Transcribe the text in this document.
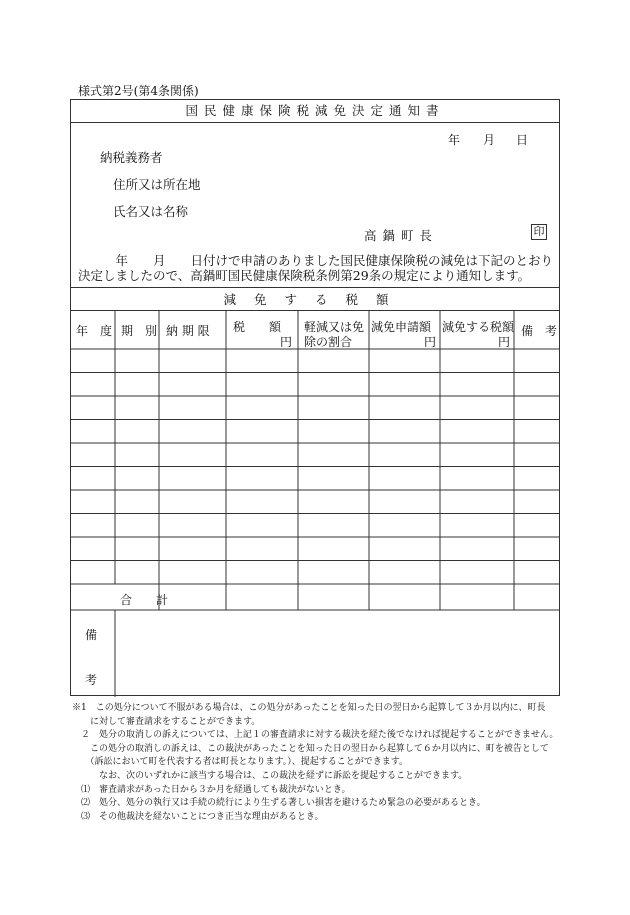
様式第2号(第4条関係)
国民健康保険税減免決定通知書
年 月 日
納税義務者
住所又は所在地
氏名又は名称
高 鍋 町 長	印
　　　年　　月　　日付けで申請のありました国民健康保険税の減免は下記のとおり
決定しましたので、高鍋町国民健康保険税条例第29条の規定により通知します。
減免する税額
年　度 期　別 納 期 限 税　　額
円
軽減又は免
除の割合
減免申請額
円
減免する税額
円
備　考
合　　計
備
考
※1　この処分について不服がある場合は、この処分があったことを知った日の翌日から起算して３か月以内に、町長
　　に対して審査請求をすることができます。
　２　処分の取消しの訴えについては、上記１の審査請求に対する裁決を経た後でなければ提起することができません。
　　この処分の取消しの訴えは、この裁決があったことを知った日の翌日から起算して６か月以内に、町を被告として
　　（訴訟において町を代表する者は町長となります。）、提起することができます。
　　　なお、次のいずれかに該当する場合は、この裁決を経ずに訴訟を提起することができます。
　⑴　審査請求があった日から３か月を経過しても裁決がないとき。
　⑵　処分、処分の執行又は手続の続行により生ずる著しい損害を避けるため緊急の必要があるとき。
　⑶　その他裁決を経ないことにつき正当な理由があるとき。
